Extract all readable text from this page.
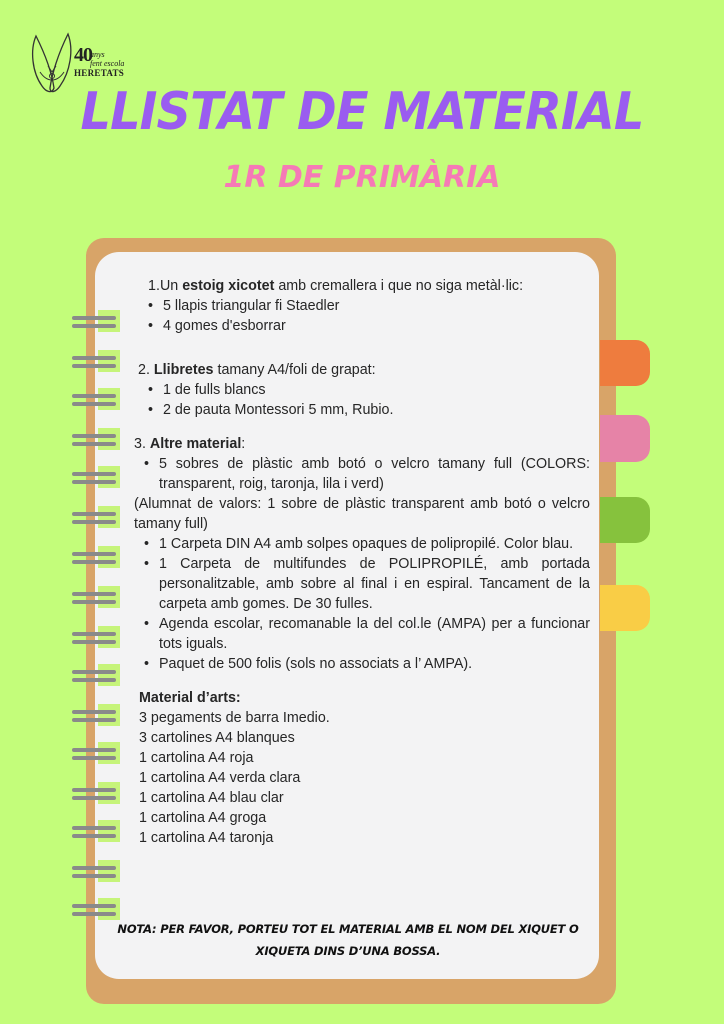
40
anys
fent escola
HERETATS
LLISTAT DE MATERIAL
1R DE PRIMÀRIA

1.Un estoig xicotet amb cremallera i que no siga metàl·lic:

• 5 llapis triangular fi Staedler
• 4 gomes d'esborrar

2. Llibretes tamany A4/foli de grapat:

• 1 de fulls blancs
• 2 de pauta Montessori 5 mm, Rubio.

3. Altre material:

• 5 sobres de plàstic amb botó o velcro tamany full (COLORS: transparent, roig, taronja, lila i verd)

(Alumnat de valors: 1 sobre de plàstic transparent amb botó o velcro tamany full)

• 1 Carpeta DIN A4 amb solpes opaques de polipropilé. Color blau.
• 1 Carpeta de multifundes de POLIPROPILÉ, amb portada personalitzable, amb sobre al final i en espiral. Tancament de la carpeta amb gomes. De 30 fulles.
• Agenda escolar, recomanable la del col.le (AMPA) per a funcionar tots iguals.
• Paquet de 500 folis (sols no associats a l’ AMPA).

Material d’arts:

3 pegaments de barra Imedio.

3 cartolines A4 blanques

1 cartolina A4 roja

1 cartolina A4 verda clara

1 cartolina A4 blau clar

1 cartolina A4 groga

1 cartolina A4 taronja

NOTA: PER FAVOR, PORTEU TOT EL MATERIAL AMB EL NOM DEL XIQUET O XIQUETA DINS D’UNA BOSSA.
